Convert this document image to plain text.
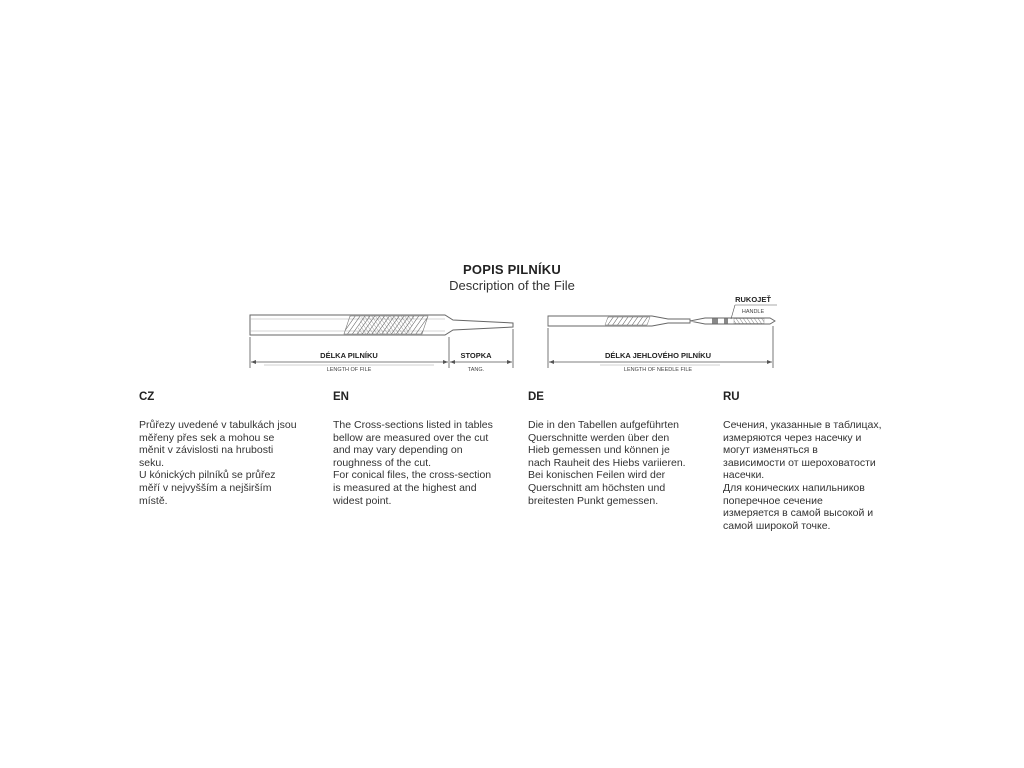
POPIS PILNÍKU
Description of the File
DÉLKA PILNÍKU
LENGTH OF FILE
STOPKA
TANG.
RUKOJEŤ
HANDLE
DÉLKA JEHLOVÉHO PILNÍKU
LENGTH OF NEEDLE FILE
CZ
Průřezy uvedené v tabulkách jsou
měřeny přes sek a mohou se
měnit v závislosti na hrubosti
seku.
U kónických pilníků se průřez
měří v nejvyšším a nejširším
místě.
EN
The Cross-sections listed in tables
bellow are measured over the cut
and may vary depending on
roughness of the cut.
For conical files, the cross-section
is measured at the highest and
widest point.
DE
Die in den Tabellen aufgeführten
Querschnitte werden über den
Hieb gemessen und können je
nach Rauheit des Hiebs variieren.
Bei konischen Feilen wird der
Querschnitt am höchsten und
breitesten Punkt gemessen.
RU
Сечения, указанные в таблицах,
измеряются через насечку и
могут изменяться в
зависимости от шероховатости
насечки.
Для конических напильников
поперечное сечение
измеряется в самой высокой и
самой широкой точке.
